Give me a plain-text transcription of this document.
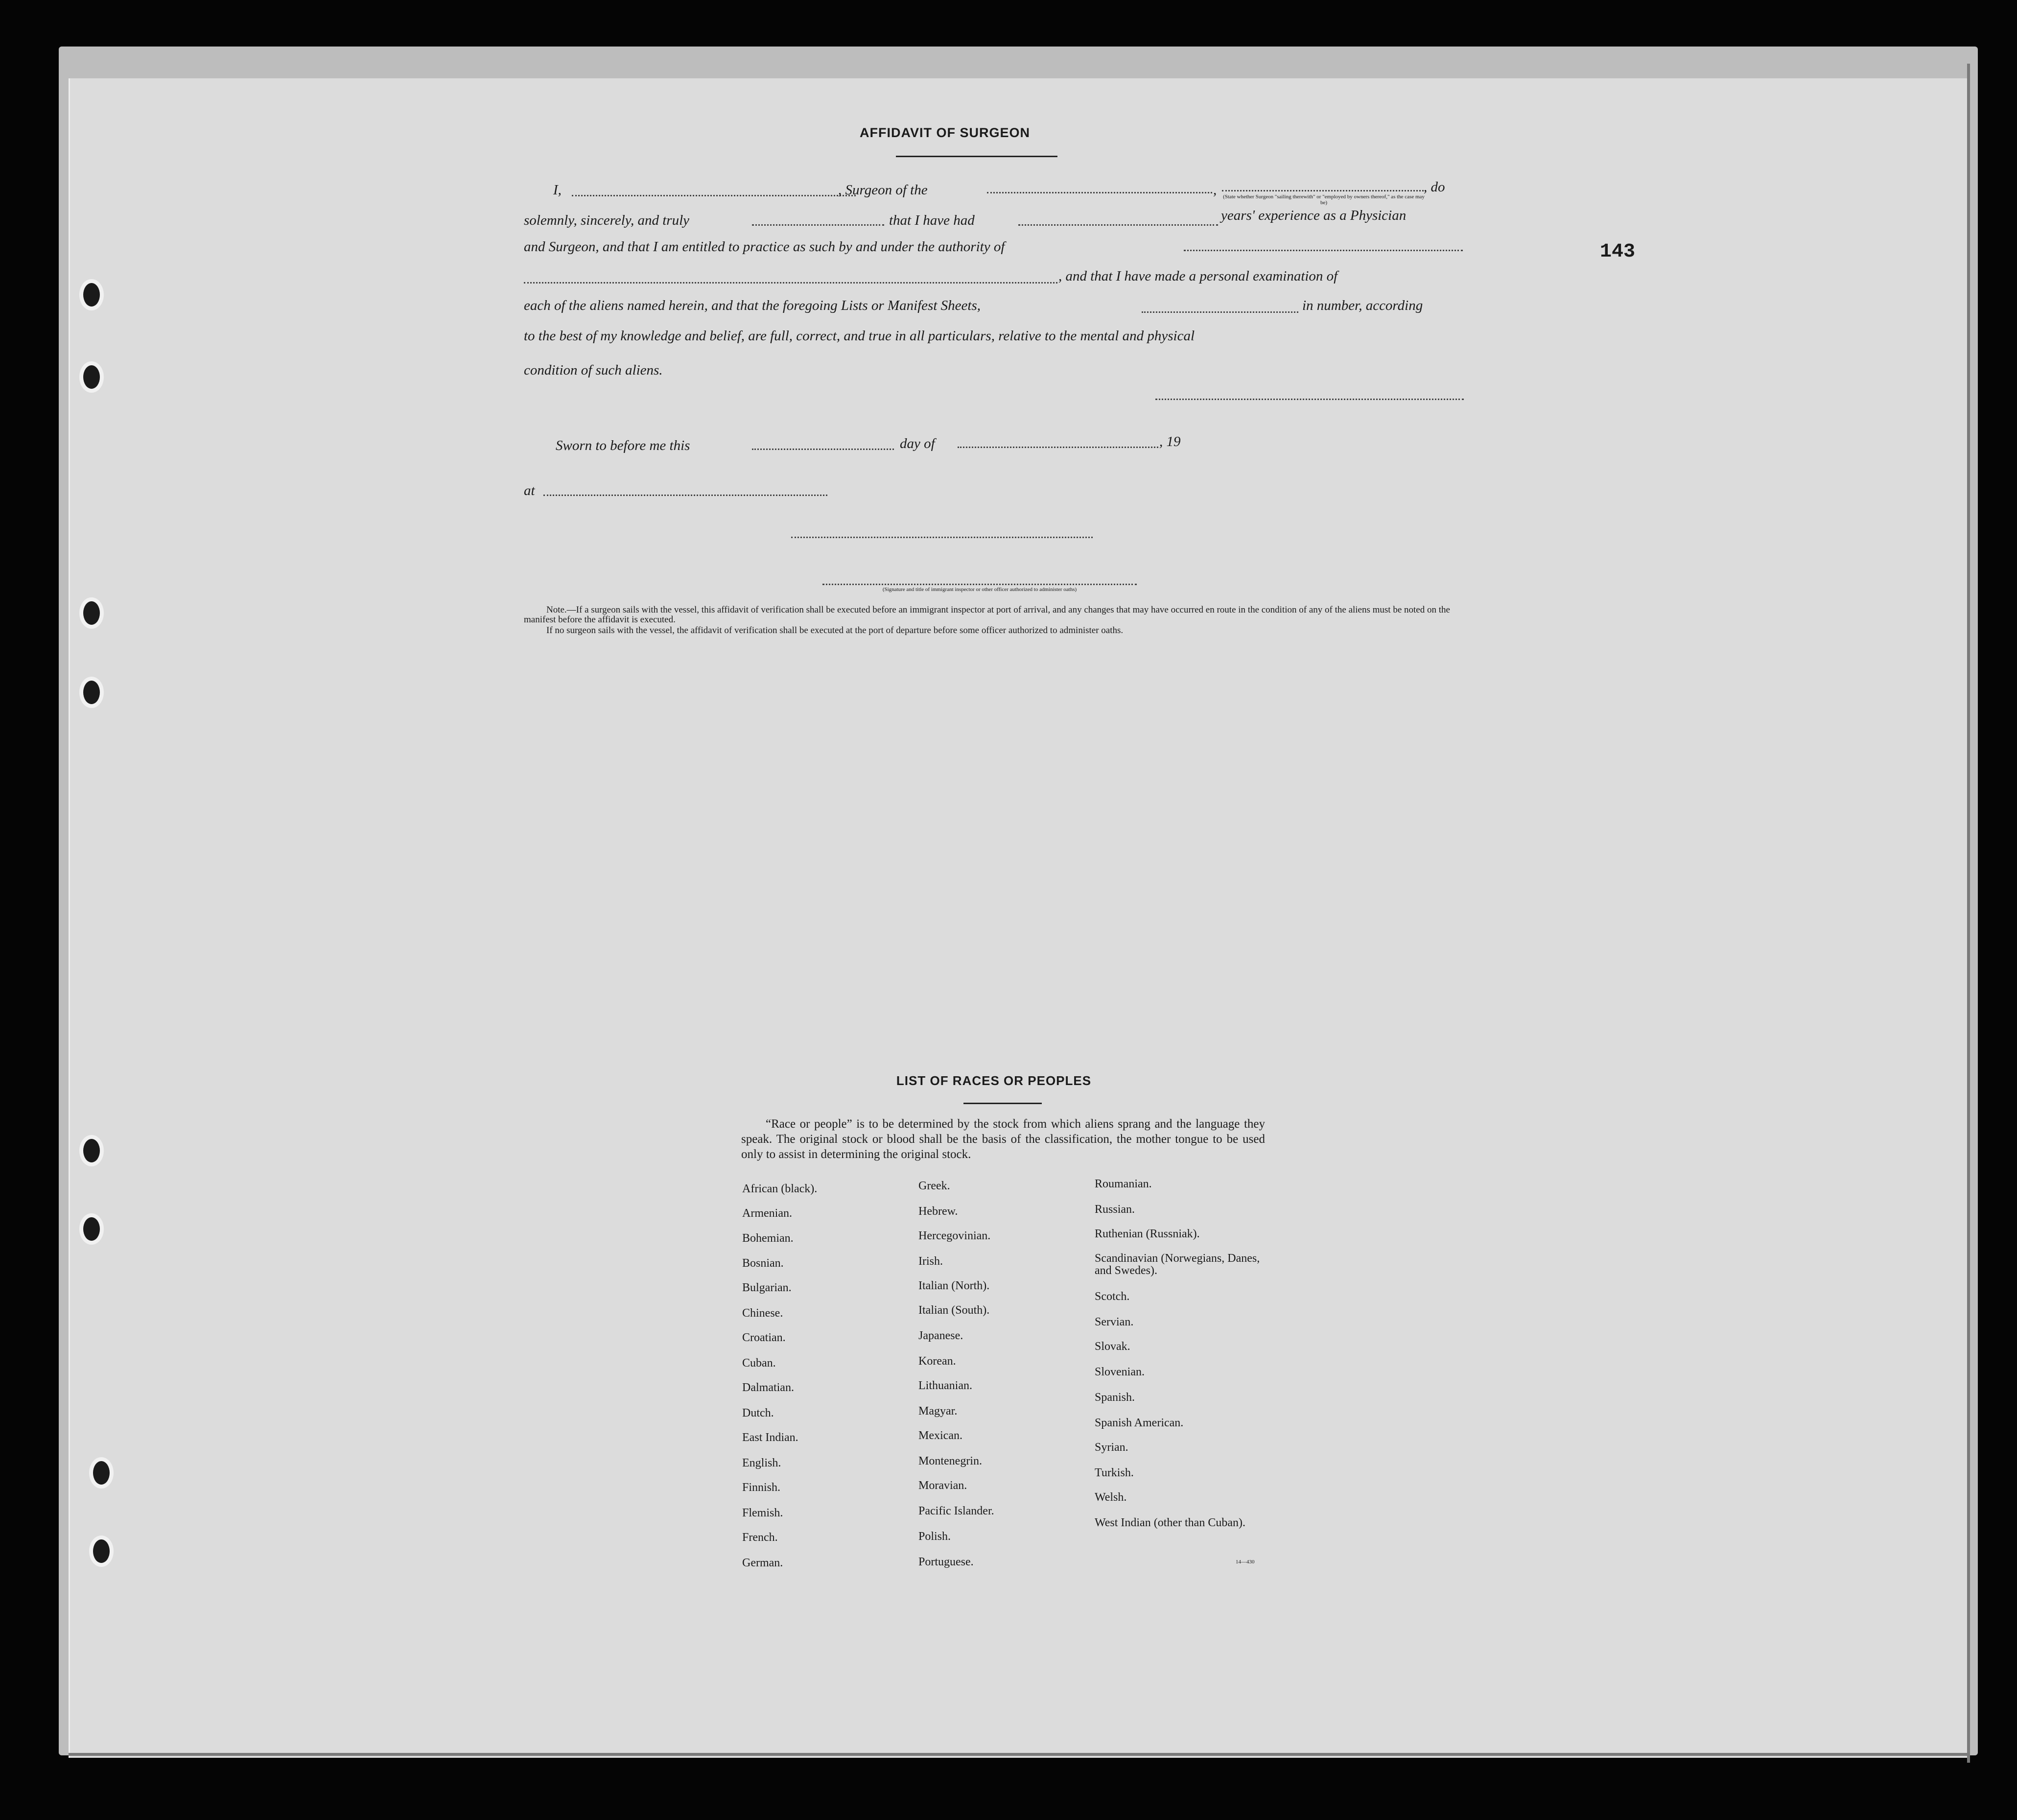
143
AFFIDAVIT OF SURGEON
I,	, Surgeon of the	,	, do
(State whether Surgeon "sailing therewith" or "employed by owners thereof," as the case may be)
solemnly, sincerely, and truly	that I have had	years' experience as a Physician
and Surgeon, and that I am entitled to practice as such by and under the authority of
, and that I have made a personal examination of
each of the aliens named herein, and that the foregoing Lists or Manifest Sheets,	in number, according
to the best of my knowledge and belief, are full, correct, and true in all particulars, relative to the mental and physical
condition of such aliens.
Sworn to before me this	day of	, 19
at
(Signature and title of immigrant inspector or other officer authorized to administer oaths)
Note.—If a surgeon sails with the vessel, this affidavit of verification shall be executed before an immigrant inspector at port of arrival, and any changes that may have occurred en route in the condition of any of the aliens must be noted on the manifest before the affidavit is executed.
If no surgeon sails with the vessel, the affidavit of verification shall be executed at the port of departure before some officer authorized to administer oaths.
LIST OF RACES OR PEOPLES
“Race or people” is to be determined by the stock from which aliens sprang and the language they speak. The original stock or blood shall be the basis of the classification, the mother tongue to be used only to assist in determining the original stock.
African (black).
Armenian.
Bohemian.
Bosnian.
Bulgarian.
Chinese.
Croatian.
Cuban.
Dalmatian.
Dutch.
East Indian.
English.
Finnish.
Flemish.
French.
German.
Greek.
Hebrew.
Hercegovinian.
Irish.
Italian (North).
Italian (South).
Japanese.
Korean.
Lithuanian.
Magyar.
Mexican.
Montenegrin.
Moravian.
Pacific Islander.
Polish.
Portuguese.
Roumanian.
Russian.
Ruthenian (Russniak).
Scandinavian (Norwegians, Danes, and Swedes).
Scotch.
Servian.
Slovak.
Slovenian.
Spanish.
Spanish American.
Syrian.
Turkish.
Welsh.
West Indian (other than Cuban).
14—430
